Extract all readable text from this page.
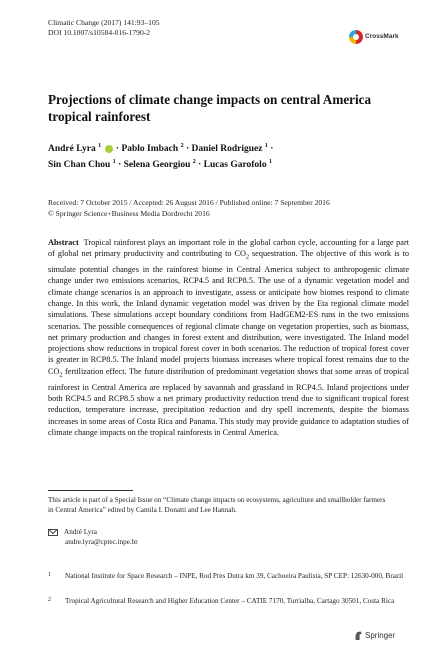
Climatic Change (2017) 141:93–105
DOI 10.1007/s10584-016-1790-2	CrossMark
Projections of climate change impacts on central America tropical rainforest
André Lyra $^1$  · Pablo Imbach $^2$ · Daniel Rodriguez $^1$ ·
Sin Chan Chou $^1$ · Selena Georgiou $^2$ · Lucas Garofolo $^1$
Received: 7 October 2015 / Accepted: 26 August 2016 / Published online: 7 September 2016
© Springer Science+Business Media Dordrecht 2016
Abstract Tropical rainforest plays an important role in the global carbon cycle, accounting for a large part of global net primary productivity and contributing to $CO_2$ sequestration. The objective of this work is to simulate potential changes in the rainforest biome in Central America subject to anthropogenic climate change under two emissions scenarios, RCP4.5 and RCP8.5. The use of a dynamic vegetation model and climate change scenarios is an approach to investigate, assess or anticipate how biomes respond to climate change. In this work, the Inland dynamic vegetation model was driven by the Eta regional climate model simulations. These simulations accept boundary conditions from HadGEM2-ES runs in the two emissions scenarios. The possible consequences of regional climate change on vegetation properties, such as biomass, net primary production and changes in forest extent and distribution, were investigated. The Inland model projections show reductions in tropical forest cover in both scenarios. The reduction of tropical forest cover is greater in RCP8.5. The Inland model projects biomass increases where tropical forest remains due to the $CO_2$ fertilization effect. The future distribution of predominant vegetation shows that some areas of tropical rainforest in Central America are replaced by savannah and grassland in RCP4.5. Inland projections under both RCP4.5 and RCP8.5 show a net primary productivity reduction trend due to significant tropical forest reduction, temperature increase, precipitation reduction and dry spell increments, despite the biomass increases in some areas of Costa Rica and Panama. This study may provide guidance to adaptation studies of climate change impacts on the tropical rainforests in Central America.
This article is part of a Special Issue on “Climate change impacts on ecosystems, agriculture and smallholder farmers in Central America” edited by Camila I. Donatti and Lee Hannah.
André Lyra
andre.lyra@cptec.inpe.br
1	National Institute for Space Research – INPE, Rod Pres Dutra km 39, Cachoeira Paulista, SP CEP: 12630-000, Brazil
2	Tropical Agricultural Research and Higher Education Center – CATIE 7170, Turrialba, Cartago 30501, Costa Rica
Springer
